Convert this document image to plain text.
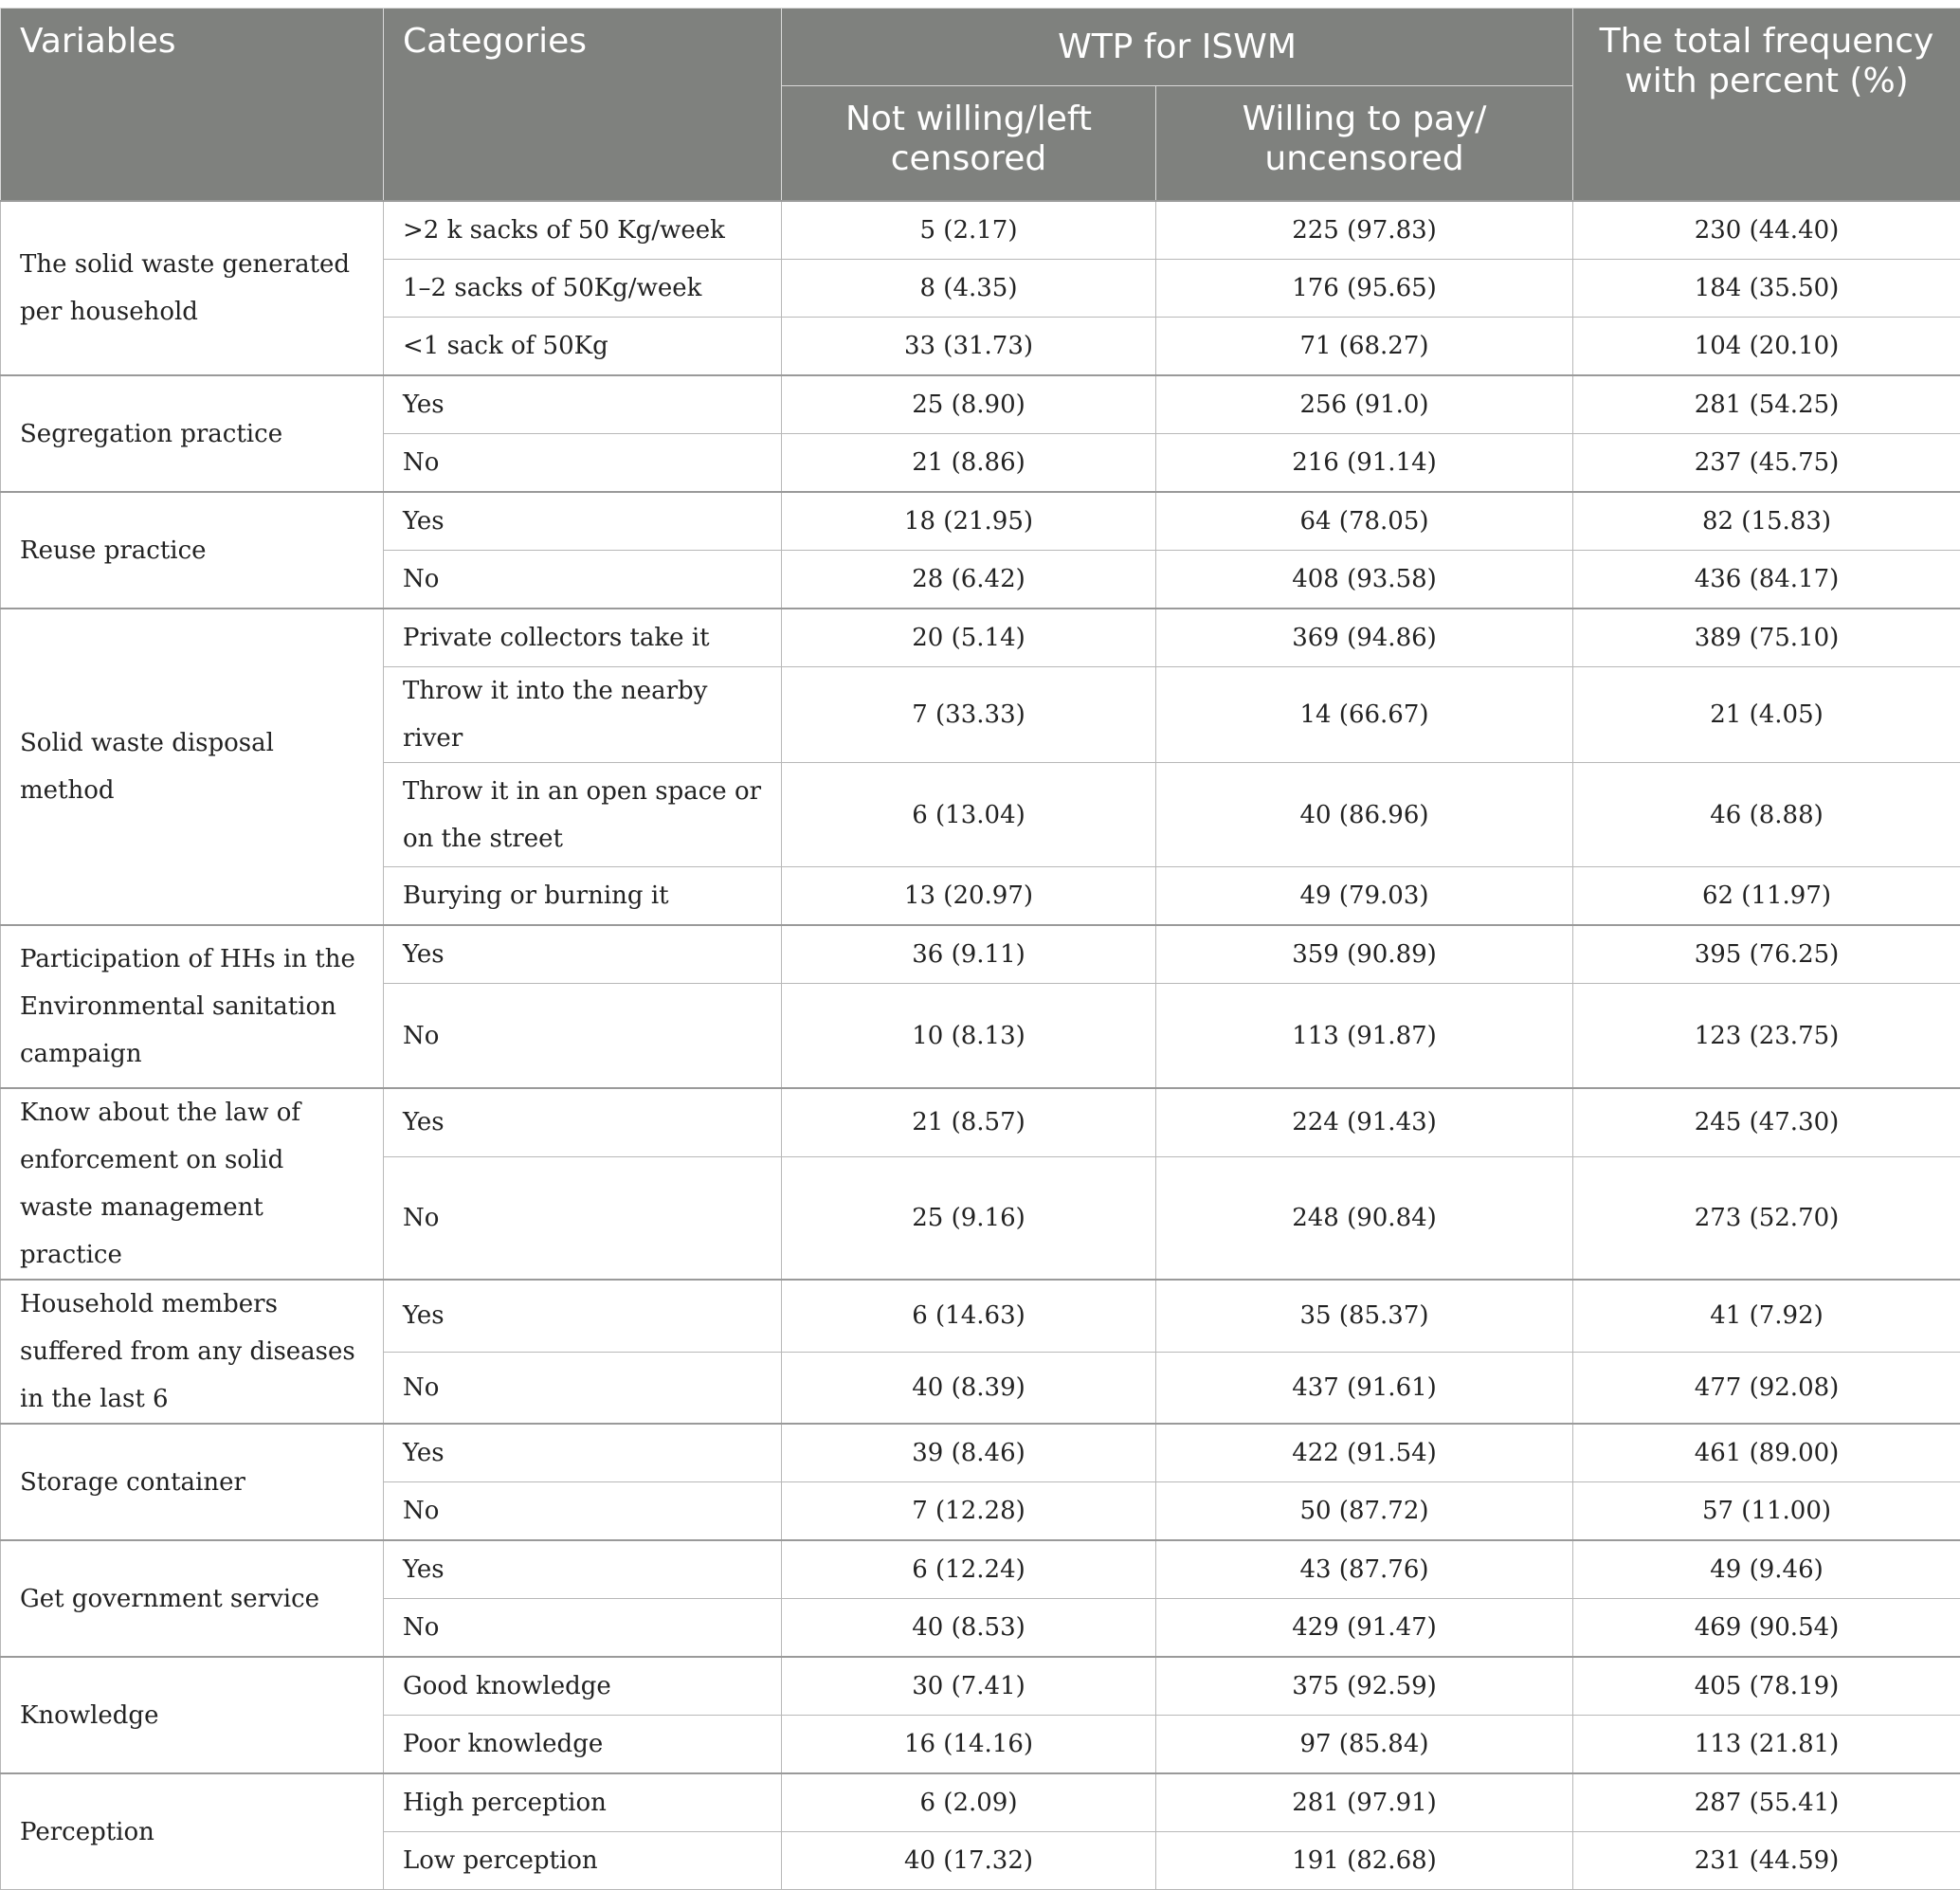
Variables	Categories	WTP for ISWM		The total frequency with percent (%)
		Not willing/left censored	Willing to pay/ uncensored	
The solid waste generated per household	>2 k sacks of 50 Kg/week	5 (2.17)	225 (97.83)	230 (44.40)
	1–2 sacks of 50Kg/week	8 (4.35)	176 (95.65)	184 (35.50)
	<1 sack of 50Kg	33 (31.73)	71 (68.27)	104 (20.10)
Segregation practice	Yes	25 (8.90)	256 (91.0)	281 (54.25)
	No	21 (8.86)	216 (91.14)	237 (45.75)
Reuse practice	Yes	18 (21.95)	64 (78.05)	82 (15.83)
	No	28 (6.42)	408 (93.58)	436 (84.17)
Solid waste disposal method	Private collectors take it	20 (5.14)	369 (94.86)	389 (75.10)
	Throw it into the nearby river	7 (33.33)	14 (66.67)	21 (4.05)
	Throw it in an open space or on the street	6 (13.04)	40 (86.96)	46 (8.88)
	Burying or burning it	13 (20.97)	49 (79.03)	62 (11.97)
Participation of HHs in the Environmental sanitation campaign	Yes	36 (9.11)	359 (90.89)	395 (76.25)
	No	10 (8.13)	113 (91.87)	123 (23.75)
Know about the law of enforcement on solid waste management practice	Yes	21 (8.57)	224 (91.43)	245 (47.30)
	No	25 (9.16)	248 (90.84)	273 (52.70)
Household members suffered from any diseases in the last 6	Yes	6 (14.63)	35 (85.37)	41 (7.92)
	No	40 (8.39)	437 (91.61)	477 (92.08)
Storage container	Yes	39 (8.46)	422 (91.54)	461 (89.00)
	No	7 (12.28)	50 (87.72)	57 (11.00)
Get government service	Yes	6 (12.24)	43 (87.76)	49 (9.46)
	No	40 (8.53)	429 (91.47)	469 (90.54)
Knowledge	Good knowledge	30 (7.41)	375 (92.59)	405 (78.19)
	Poor knowledge	16 (14.16)	97 (85.84)	113 (21.81)
Perception	High perception	6 (2.09)	281 (97.91)	287 (55.41)
	Low perception	40 (17.32)	191 (82.68)	231 (44.59)
